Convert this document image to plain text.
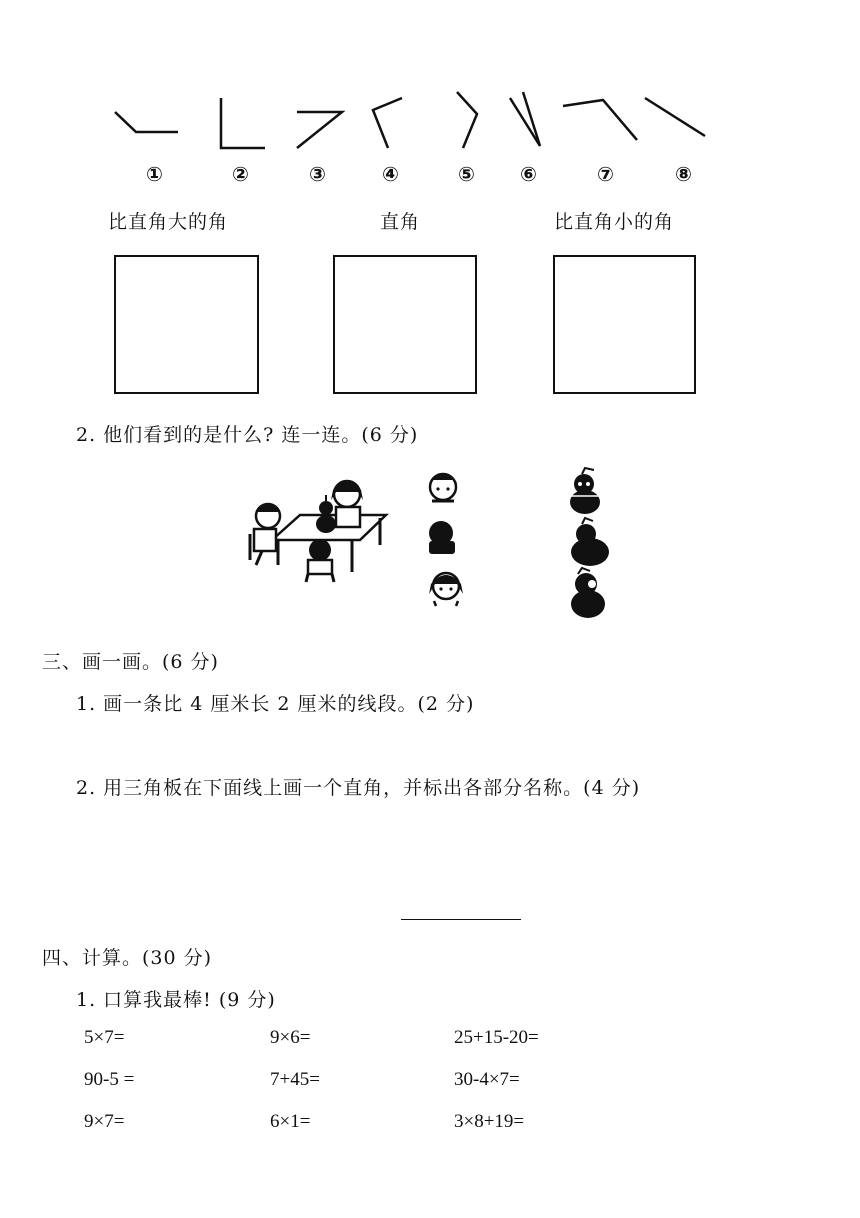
①	②	③	④	⑤ ⑥	⑦	⑧
比直角大的角	直角	比直角小的角
2. 他们看到的是什么? 连一连。(6 分)
三、画一画。(6 分)
1. 画一条比 4 厘米长 2 厘米的线段。(2 分)
2. 用三角板在下面线上画一个直角，并标出各部分名称。(4 分)
四、计算。(30 分)
1. 口算我最棒! (9 分)
5×7=	9×6=	25+15-20=
90-5 =	7+45=	30-4×7=
9×7=	6×1=	3×8+19=
